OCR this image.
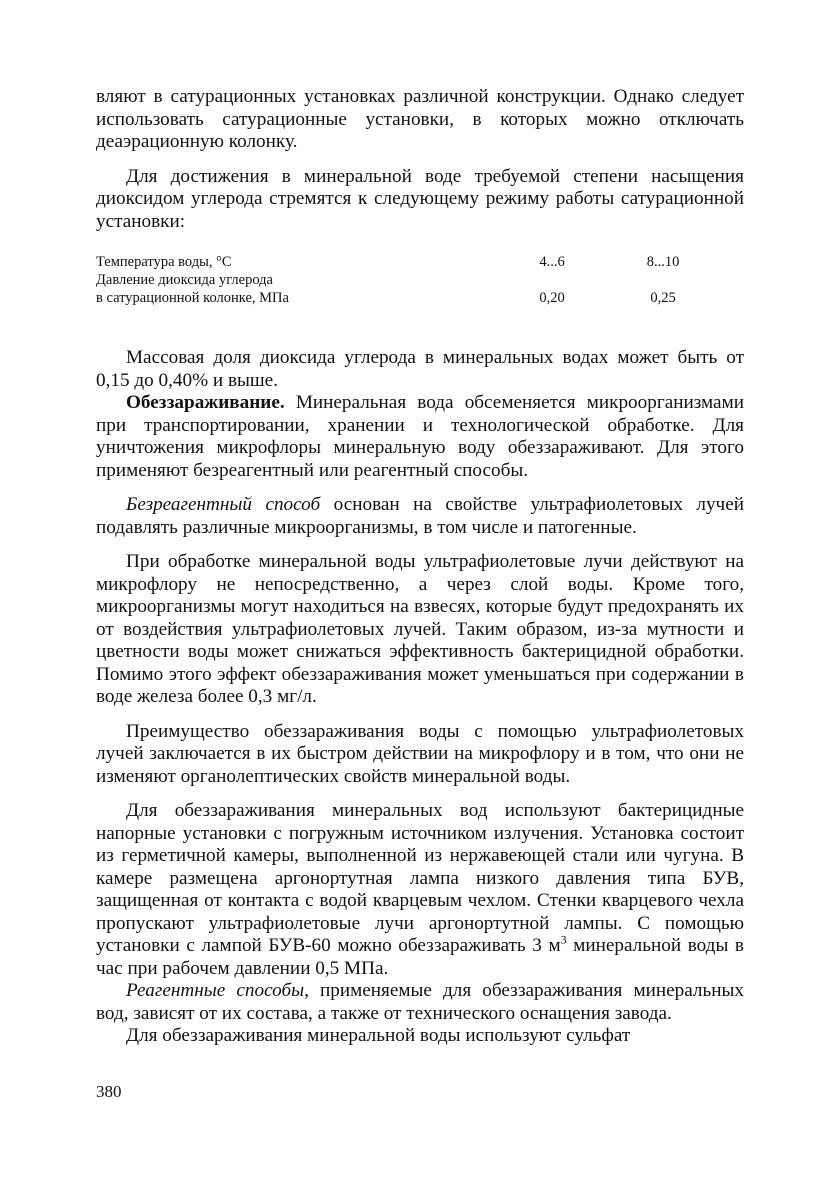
вляют в сатурационных установках различной конструкции. Однако следует использовать сатурационные установки, в которых можно отключать деаэрационную колонку.

Для достижения в минеральной воде требуемой степени насыщения диоксидом углерода стремятся к следующему режиму работы сатурационной установки:

Температура воды, °С	4...6	8...10
Давление диоксида углерода
в сатурационной колонке, МПа	0,20	0,25

Массовая доля диоксида углерода в минеральных водах может быть от 0,15 до 0,40% и выше.

Обеззараживание. Минеральная вода обсеменяется микроорганизмами при транспортировании, хранении и технологической обработке. Для уничтожения микрофлоры минеральную воду обеззараживают. Для этого применяют безреагентный или реагентный способы.

Безреагентный способ основан на свойстве ультрафиолетовых лучей подавлять различные микроорганизмы, в том числе и патогенные.

При обработке минеральной воды ультрафиолетовые лучи действуют на микрофлору не непосредственно, а через слой воды. Кроме того, микроорганизмы могут находиться на взвесях, которые будут предохранять их от воздействия ультрафиолетовых лучей. Таким образом, из-за мутности и цветности воды может снижаться эффективность бактерицидной обработки. Помимо этого эффект обеззараживания может уменьшаться при содержании в воде железа более 0,3 мг/л.

Преимущество обеззараживания воды с помощью ультрафиолетовых лучей заключается в их быстром действии на микрофлору и в том, что они не изменяют органолептических свойств минеральной воды.

Для обеззараживания минеральных вод используют бактерицидные напорные установки с погружным источником излучения. Установка состоит из герметичной камеры, выполненной из нержавеющей стали или чугуна. В камере размещена аргонортутная лампа низкого давления типа БУВ, защищенная от контакта с водой кварцевым чехлом. Стенки кварцевого чехла пропускают ультрафиолетовые лучи аргонортутной лампы. С помощью установки с лампой БУВ-60 можно обеззараживать 3 $м^3$ минеральной воды в час при рабочем давлении 0,5 МПа.

Реагентные способы, применяемые для обеззараживания минеральных вод, зависят от их состава, а также от технического оснащения завода.

Для обеззараживания минеральной воды используют сульфат

380
